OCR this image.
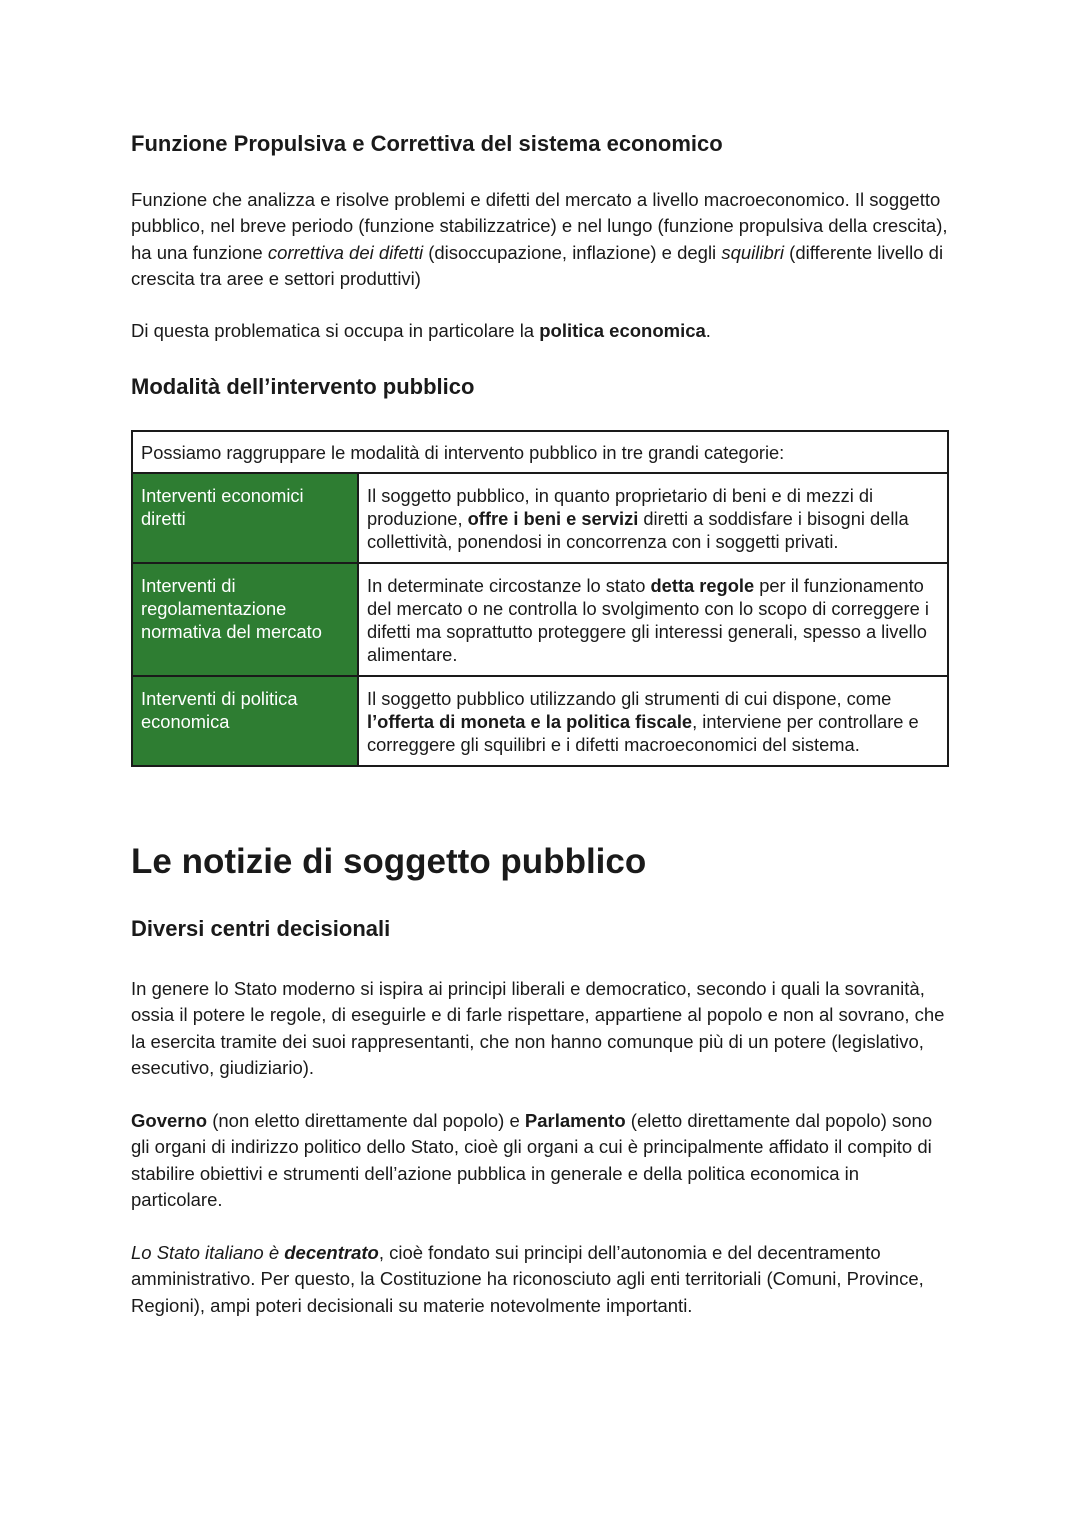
Funzione Propulsiva e Correttiva del sistema economico

Funzione che analizza e risolve problemi e difetti del mercato a livello macroeconomico. Il soggetto pubblico, nel breve periodo (funzione stabilizzatrice) e nel lungo (funzione propulsiva della crescita), ha una funzione correttiva dei difetti (disoccupazione, inflazione) e degli squilibri (differente livello di crescita tra aree e settori produttivi)

Di questa problematica si occupa in particolare la politica economica.

Modalità dell’intervento pubblico
Possiamo raggruppare le modalità di intervento pubblico in tre grandi categorie:	
Interventi economici diretti	Il soggetto pubblico, in quanto proprietario di beni e di mezzi di produzione, offre i beni e servizi diretti a soddisfare i bisogni della collettività, ponendosi in concorrenza con i soggetti privati.
Interventi di regolamentazione normativa del mercato	In determinate circostanze lo stato detta regole per il funzionamento del mercato o ne controlla lo svolgimento con lo scopo di correggere i difetti ma soprattutto proteggere gli interessi generali, spesso a livello alimentare.
Interventi di politica economica	Il soggetto pubblico utilizzando gli strumenti di cui dispone, come l’offerta di moneta e la politica fiscale, interviene per controllare e correggere gli squilibri e i difetti macroeconomici del sistema.
Le notizie di soggetto pubblico
Diversi centri decisionali

In genere lo Stato moderno si ispira ai principi liberali e democratico, secondo i quali la sovranità, ossia il potere le regole, di eseguirle e di farle rispettare, appartiene al popolo e non al sovrano, che la esercita tramite dei suoi rappresentanti, che non hanno comunque più di un potere (legislativo, esecutivo, giudiziario).

Governo (non eletto direttamente dal popolo) e Parlamento (eletto direttamente dal popolo) sono gli organi di indirizzo politico dello Stato, cioè gli organi a cui è principalmente affidato il compito di stabilire obiettivi e strumenti dell’azione pubblica in generale e della politica economica in particolare.

Lo Stato italiano è decentrato, cioè fondato sui principi dell’autonomia e del decentramento amministrativo. Per questo, la Costituzione ha riconosciuto agli enti territoriali (Comuni, Province, Regioni), ampi poteri decisionali su materie notevolmente importanti.
